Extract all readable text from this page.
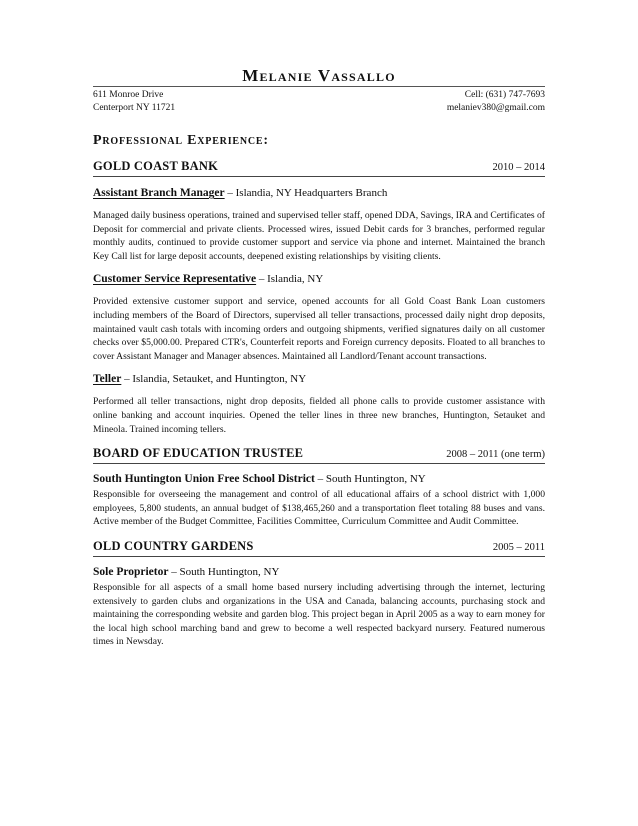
Melanie Vassallo
611 Monroe Drive
Centerport NY 11721
Cell: (631) 747-7693
melaniev380@gmail.com
Professional Experience:
GOLD COAST BANK	2010 – 2014
Assistant Branch Manager – Islandia, NY Headquarters Branch

Managed daily business operations, trained and supervised teller staff, opened DDA, Savings, IRA and Certificates of Deposit for commercial and private clients. Processed wires, issued Debit cards for 3 branches, performed regular monthly audits, continued to provide customer support and service via phone and internet. Maintained the branch Key Call list for large deposit accounts, deepened existing relationships by visiting clients.

Customer Service Representative – Islandia, NY

Provided extensive customer support and service, opened accounts for all Gold Coast Bank Loan customers including members of the Board of Directors, supervised all teller transactions, processed daily night drop deposits, maintained vault cash totals with incoming orders and outgoing shipments, verified signatures daily on all customer checks over $5,000.00. Prepared CTR's, Counterfeit reports and Foreign currency deposits. Floated to all branches to cover Assistant Manager and Manager absences. Maintained all Landlord/Tenant account transactions.

Teller – Islandia, Setauket, and Huntington, NY

Performed all teller transactions, night drop deposits, fielded all phone calls to provide customer assistance with online banking and account inquiries. Opened the teller lines in three new branches, Huntington, Setauket and Mineola. Trained incoming tellers.

BOARD OF EDUCATION TRUSTEE	2008 – 2011 (one term)
South Huntington Union Free School District – South Huntington, NY

Responsible for overseeing the management and control of all educational affairs of a school district with 1,000 employees, 5,800 students, an annual budget of $138,465,260 and a transportation fleet totaling 88 buses and vans. Active member of the Budget Committee, Facilities Committee, Curriculum Committee and Audit Committee.

OLD COUNTRY GARDENS	2005 – 2011
Sole Proprietor – South Huntington, NY

Responsible for all aspects of a small home based nursery including advertising through the internet, lecturing extensively to garden clubs and organizations in the USA and Canada, balancing accounts, purchasing stock and maintaining the corresponding website and garden blog. This project began in April 2005 as a way to earn money for the local high school marching band and grew to become a well respected backyard nursery. Featured numerous times in Newsday.
